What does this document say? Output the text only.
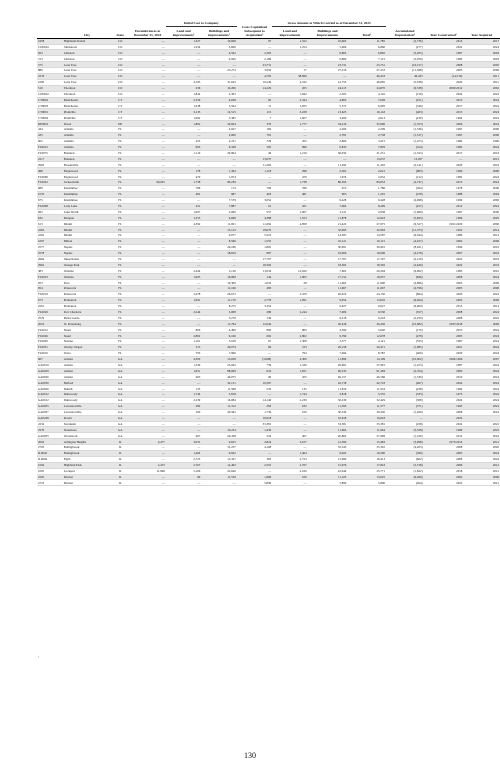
				Initial Cost to Company			Gross Amount at Which Carried as of December 31, 2024					
	City	State	Encumbrances at December 31, 2024	Land and improvements¹	Buildings and improvements¹	Costs Capitalized Subsequent to Acquisition²	Land and improvements	Buildings and Improvements	Total³	Accumulated Depreciation⁴	Year Constructed⁵	Year Acquired
2458	Highlands Ranch	CO	—	1,327	10,608	97	1,322	10,663	11,785	(2,736)	2013	2017
CO0034	Johnstown	CO	—	1,254	5,606	—	1,254	5,606	6,860	(277)	2022	2024
923	Littleton	CO	—	—	4,562	2,303	—	6,865	6,865	(3,205)	1987	2003
313	Littleton	CO	—	—	4,926	2,189	—	6,869	7,115	(3,050)	1990	2003
575	Lone Tree	CO	—	—	—	23,731	—	23,731	23,731	(10,157)	2008	2005
886	Lone Tree	CO	—	—	23,274	3,959	17	27,216	27,233	(11,398)	2003	2006
2233	Lone Tree	CO	—	—	—	4,705	38,699	—	46,433	46,433	(14,519)	2011
1000	Lone Tree	CO	—	4,193	31,643	10,249	4,332	41,753	46,085	(5,938)	2020	2021
510	Thornton	CO	—	236	10,206	14,229	455	24,215	24,670	(9,538)	2000/2012	2002
CO0044	Thornton	CO	—	1,842	2,303	—	1,842	2,303	4,145	(159)	2024	2024
CT0002	Manchester	CT	—	2,339	4,638	65	2,344	4,803	7,049	(251)	2013	2024
CT0003	Manchester	CT	—	1,638	5,564	11	1,655	5,573	6,995	(346)	2017	2024
CT0001	Plainville	CT	—	3,133	12,515	115	3,228	13,625	16,143	(463)	2013	2024
CT0004	Plainville	CT	—	1,602	3,385	7	1,607	3,409	4,613	(230)	1994	2024
DE0001	Dover	DE	—	1,802	34,824	370	1,777	34,219	35,996	(1,553)	2006	2024
434	Atlantis	FL	—	—	2,027	182	—	2,209	2,209	(1,336)	1997	2000
435	Atlantis	FL	—	—	2,000	781	—	2,781	2,758	(1,537)	1997	2000
602	Atlantis	FL	—	455	2,231	729	455	2,800	3,415	(1,473)	1984	1996
FL0012	Atlantis	FL	—	995	6,328	505	996	6,833	7,829	(324)	1982	2024
FL0075	Brandon	FL	—	1,119	29,994	46	1,219	30,032	31,251	(1,323)	2017	2023
2217	Brandon	FL	—	—	—	13,037	—	—	13,037	13,037	—	2015
2963	Brooksville	FL	—	—	—	11,292	—	11,292	11,292	(2,141)	2020	2019
498	Englewood	FL	—	178	1,364	1,118	298	2,362	2,621	(983)	1990	2000
FL0006	Englewood	FL	—	470	1,974	—	470	1,974	2,652	(122)	1982	2024
FL0022	Jacksonville	FL	99,925	1,738	80,239	—	1,738	80,395	80,833	(4,747)	2015	2024
689	Kissimmee	FL	—	786	174	796	786	972	1,786	(364)	1978	2006
1033	Kissimmee	FL	—	481	987	463	481	965	1,291	(478)	1988	2004
675	Kissimmee	FL	—	—	7,579	3,052	—	9,428	9,428	(4,998)	1999	2006
FL0008	Lady Lake	FL	—	421	7,887	61	421	7,904	8,409	(227)	2012	2024
695	Lake Worth	FL	—	1,007	2,090	557	1,007	3,411	4,938	(1,669)	1997	2006
632	Margate	FL	—	1,553	6,068	4,388	1,553	11,878	12,643	(5,693)	1996	2005
613	Miami	FL	—	4,392	11,001	11,692	4,858	21,422	27,975	(9,527)	1991/2020	2006
2203	Miami	FL	—	—	13,123	18,670	—	32,993	32,993	(11,373)	1952	2014
2202	Miami	FL	—	—	9,077	5,510	—	14,587	14,587	(6,044)	1986	2014
1067	Milton	FL	—	—	8,566	1,555	—	10,121	10,121	(4,457)	2002	2006
2577	Naples	FL	—	—	29,186	1,805	—	30,991	30,991	(8,021)	1999	2016
2578	Naples	FL	—	—	18,819	687	—	19,006	19,006	(4,278)	2007	2016
2964	Okeechobee	FL	—	—	—	17,707	—	17,707	17,707	(2,120)	2022	2019
2962	Orange Park	FL	—	—	—	18,302	—	18,302	18,302	(2,649)	2022	2019
383	Orlando	FL	—	2,444	5,136	13,034	12,020	7,663	20,294	(6,902)	1985	2001
FL0023	Orlando	FL	—	1,905	16,908	144	1,905	17,152	19,057	(849)	2008	2024
953	Pace	FL	—	—	10,309	1,633	28	11,962	11,990	(4,896)	2005	2006
954	Pensacola	FL	—	—	11,166	483	—	11,667	11,667	(4,796)	2005	2006
FL0019	Pensacola	FL	—	3,478	26,673	—	3,479	26,674	24,150	(864)	2020	2024
673	Plantation	FL	—	1,091	11,176	2,778	1,091	9,954	13,045	(6,494)	2005	2006
2201	Plantation	FL	—	—	8,275	3,354	—	9,627	9,627	(6,009)	2015	2014
FL0029	Port Charlotte	FL	—	2,244	5,008	280	2,244	7,006	9,530	(357)	2008	2024
2579	Punta Gorda	FL	—	—	3,279	139	—	9,218	9,218	(2,259)	2008	2016
2023	St. Petersburg	FL	—	—	11,794	12,642	—	26,436	26,436	(10,082)	1997/2018	2006
FL0012	Stuart	FL	—	800	4,490	800	800	4,590	5,640	(170)	2013	2024
FL0026	Stuart	FL	—	2,802	9,166	692	2,802	9,790	12,678	(478)	2003	2024
FL0005	Sunrise	FL	—	1,161	3,918	67	1,308	3,577	4,121	(355)	1987	2024
FL0051	Wesley Chapel	FL	—	313	29,074	84	313	29,158	29,471	(1,085)	2021	2024
FL0016	Tulsa	FL	—	793	7,990	—	793	7,994	8,787	(409)	2020	2024
667	Atlanta	GA	—	4,300	13,658	(3,098)	4,300	11,899	14,199	(10,002)	1984/1996	2007
GA0019	Atlanta	GA	—	1,330	25,942	739	1,330	26,681	27,991	(1,253)	1987	2024
GA0029	Atlanta	GA	—	1,651	88,608	624	1,651	90,233	91,284	(2,354)	2009	2024
GA0026	Atlanta	GA	—	463	46,075	90	455	46,157	46,766	(1,330)	2010	2024
GA0030	Belford	GA	—	—	32,131	10,587	—	42,718	42,718	(467)	2024	2024
GA0026	Duluth	GA	—	135	11,598	233	135	11,819	11,954	(438)	1994	2024
GA0012	Dunwoody	GA	—	1,744	3,818	—	1,744	3,818	5,555	(333)	1973	2024
GA0012	Dunwoody	GA	—	2,239	16,084	14,146	2,239	30,230	32,429	(308)	2024	2024
GA0025	Lawrenceville	GA	—	282	11,312	283	182	11,595	11,577	(571)	1993	2024
GA0027	Lawrenceville	GA	—	100	20,592	1,739	100	30,330	30,430	(1,260)	2008	2024
GA0248	Pooler	GA	—	—	—	10,618	—	10,618	10,618	—	2024	
2234	Savannah	GA	—	—	—	33,381	—	33,381	33,381	(108)	2024	2022
2570	Statesboro	GA	—	—	10,234	1,430	—	11,664	11,664	(3,528)	1999	2016
GA0025	Woodstock	GA	—	467	26,438	524	467	26,862	27,969	(1,160)	2012	2024
2002	Arlington Heights	IL	4,477	3,031	9,655	2,824	3,107	12,390	15,483	(3,998)	1975/2014	2012
2703	Bolingbrook	IL	—	—	31,237	4,108	—	35,345	35,345	(4,203)	2008	2020
IL0042	Bolingbrook	IL	—	1,464	9,922	—	1,464	9,922	10,290	(396)	2003	2024
IL0004	Elgin	IL	—	2,723	15,327	363	2,723	15,690	18,413	(662)	2008	2024
1064	Highland Park	IL	2,472	2,767	12,493	2,501	2,767	15,076	17,843	(5,728)	2006	2021
1005	Lockport	IL	11,848	5,166	22,640	—	2,166	22,640	25,771	(1,822)	2018	2021
1065	Marion	IL	—	99	11,539	1,986	100	11,525	13,625	(6,499)	2002	2006
2710	Marion	IL	—	—	—	5,890	—	5,890	5,890	(494)	2022	2021
¹
130
